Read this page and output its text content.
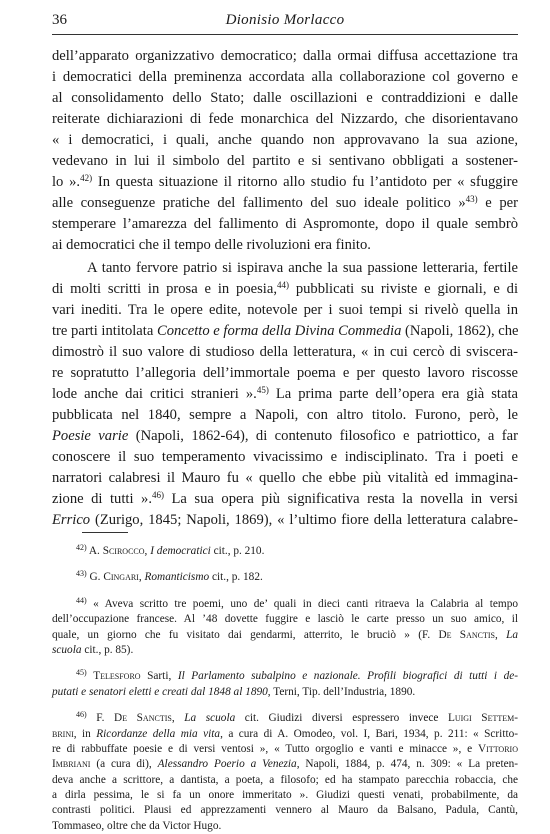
36	Dionisio Morlacco
dell’apparato organizzativo democratico; dalla ormai diffusa accettazione tra
i democratici della preminenza accordata alla collaborazione col governo e
al consolidamento dello Stato; dalle oscillazioni e contraddizioni e dalle
reiterate dichiarazioni di fede monarchica del Nizzardo, che disorientavano
« i democratici, i quali, anche quando non approvavano la sua azione,
vedevano in lui il simbolo del partito e si sentivano obbligati a sostener-
lo ».$^{42)}$ In questa situazione il ritorno allo studio fu l’antidoto per « sfuggire
alle conseguenze pratiche del fallimento del suo ideale politico »$^{43)}$ e per
stemperare l’amarezza del fallimento di Aspromonte, dopo il quale sembrò
ai democratici che il tempo delle rivoluzioni era finito.
A tanto fervore patrio si ispirava anche la sua passione letteraria, fertile
di molti scritti in prosa e in poesia,$^{44)}$ pubblicati su riviste e giornali, e di
vari inediti. Tra le opere edite, notevole per i suoi tempi si rivelò quella in
tre parti intitolata Concetto e forma della Divina Commedia (Napoli, 1862), che
dimostrò il suo valore di studioso della letteratura, « in cui cercò di sviscera-
re sopratutto l’allegoria dell’immortale poema e per questo lavoro riscosse
lode anche dai critici stranieri ».$^{45)}$ La prima parte dell’opera era già stata
pubblicata nel 1840, sempre a Napoli, con altro titolo. Furono, però, le
Poesie varie (Napoli, 1862-64), di contenuto filosofico e patriottico, a far
conoscere il suo temperamento vivacissimo e indisciplinato. Tra i poeti e
narratori calabresi il Mauro fu « quello che ebbe più vitalità ed immagina-
zione di tutti ».$^{46)}$ La sua opera più significativa resta la novella in versi
Errico (Zurigo, 1845; Napoli, 1869), « l’ultimo fiore della letteratura calabre-
$^{42)}$ A. Scirocco, I democratici cit., p. 210.
$^{43)}$ G. Cingari, Romanticismo cit., p. 182.
$^{44)}$ « Aveva scritto tre poemi, uno de’ quali in dieci canti ritraeva la Calabria al tempo
dell’occupazione francese. Al ’48 dovette fuggire e lasciò le carte presso un suo amico, il
quale, un giorno che fu visitato dai gendarmi, atterrito, le bruciò » (F. De Sanctis, La
scuola cit., p. 85).
$^{45)}$ Telesforo Sarti, Il Parlamento subalpino e nazionale. Profili biografici di tutti i de-
putati e senatori eletti e creati dal 1848 al 1890, Terni, Tip. dell’Industria, 1890.
$^{46)}$ F. De Sanctis, La scuola cit. Giudizi diversi espressero invece Luigi Settem-
brini, in Ricordanze della mia vita, a cura di A. Omodeo, vol. I, Bari, 1934, p. 211: « Scritto-
re di rabbuffate poesie e di versi ventosi », « Tutto orgoglio e vanti e minacce », e Vittorio
Imbriani (a cura di), Alessandro Poerio a Venezia, Napoli, 1884, p. 474, n. 309: « La preten-
deva anche a scrittore, a dantista, a poeta, a filosofo; ed ha stampato parecchia robaccia, che
a dirla pessima, le si fa un onore immeritato ». Giudizi questi venati, probabilmente, da
contrasti politici. Plausi ed apprezzamenti vennero al Mauro da Balsano, Padula, Cantù,
Tommaseo, oltre che da Victor Hugo.
